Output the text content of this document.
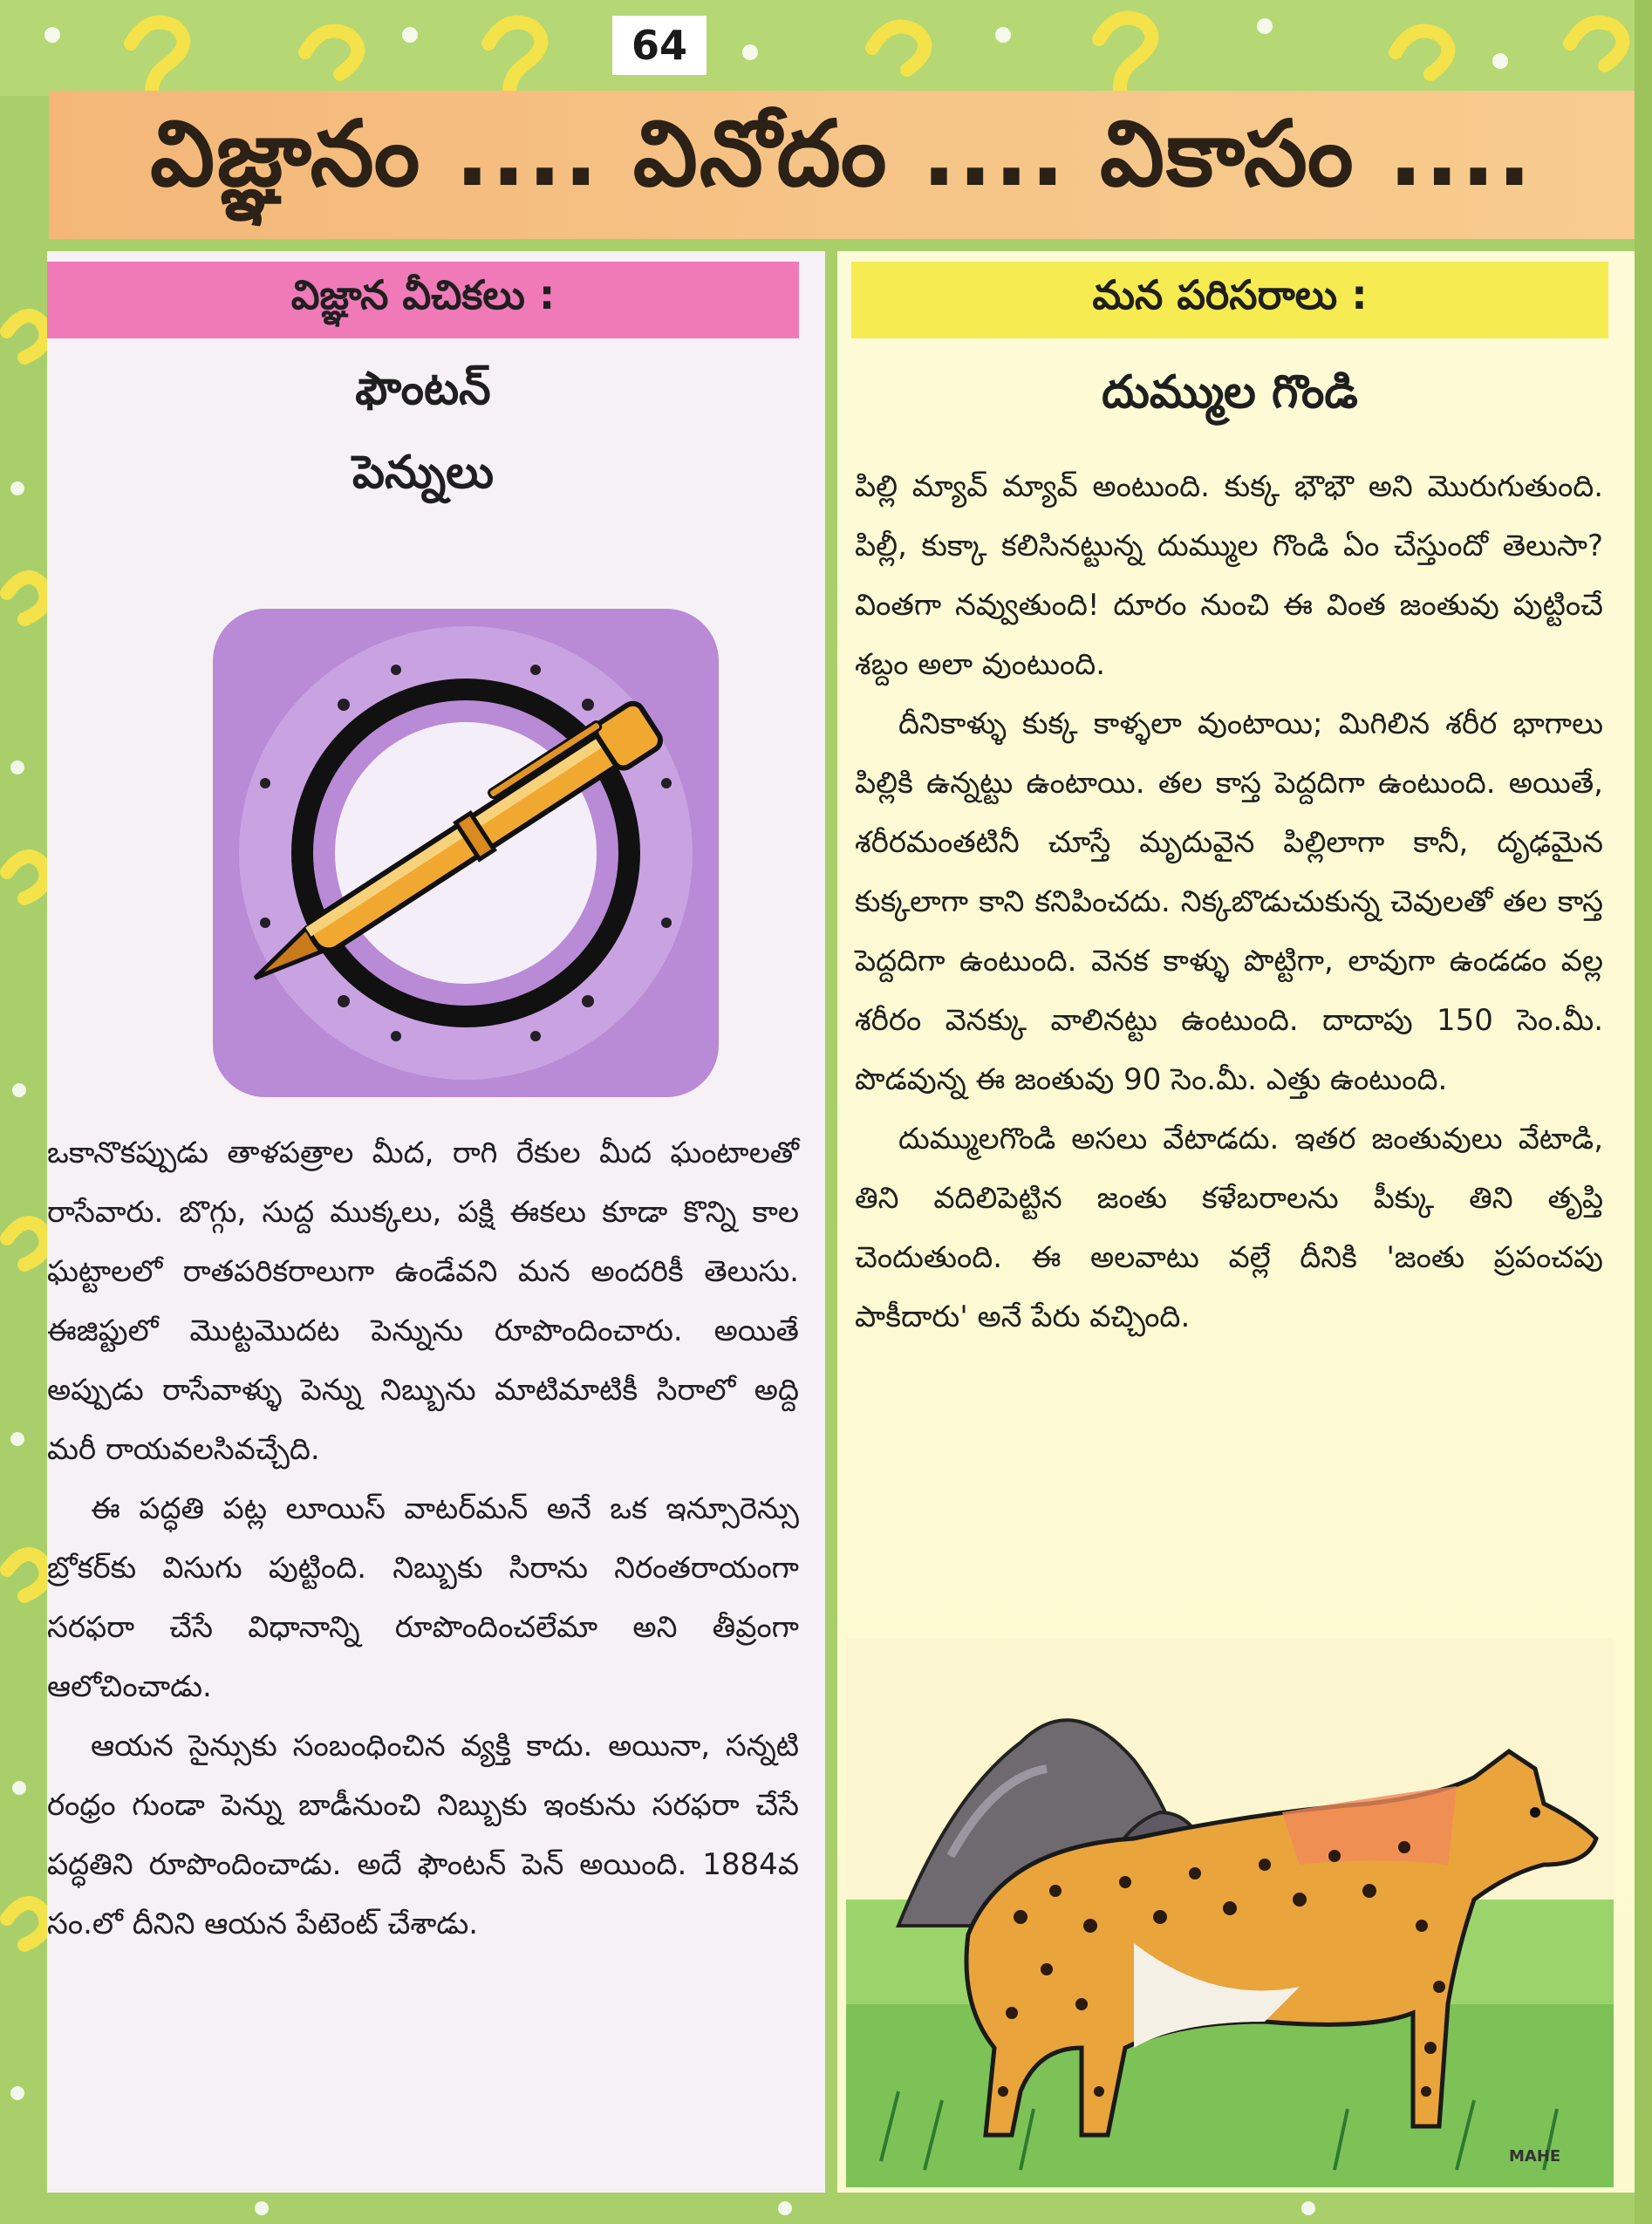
64
విజ్ఞానం .... వినోదం .... వికాసం ....
విజ్ఞాన వీచికలు :
ఫౌంటన్
పెన్నులు

ఒకానొకప్పుడు తాళపత్రాల మీద, రాగి రేకుల మీద ఘంటాలతో రాసేవారు. బొగ్గు, సుద్ద ముక్కలు, పక్షి ఈకలు కూడా కొన్ని కాల ఘట్టాలలో రాతపరికరాలుగా ఉండేవని మన అందరికీ తెలుసు. ఈజిప్టులో మొట్టమొదట పెన్నును రూపొందించారు. అయితే అప్పుడు రాసేవాళ్ళు పెన్ను నిబ్బును మాటిమాటికీ సిరాలో అద్ది మరీ రాయవలసివచ్చేది.

ఈ పద్ధతి పట్ల లూయిస్ వాటర్‌మన్ అనే ఒక ఇన్సూరెన్సు బ్రోకర్‌కు విసుగు పుట్టింది. నిబ్బుకు సిరాను నిరంతరాయంగా సరఫరా చేసే విధానాన్ని రూపొందించలేమా అని తీవ్రంగా ఆలోచించాడు.

ఆయన సైన్సుకు సంబంధించిన వ్యక్తి కాదు. అయినా, సన్నటి రంధ్రం గుండా పెన్ను బాడీనుంచి నిబ్బుకు ఇంకును సరఫరా చేసే పద్ధతిని రూపొందించాడు. అదే ఫౌంటన్ పెన్ అయింది. 1884వ సం.లో దీనిని ఆయన పేటెంట్ చేశాడు.

మన పరిసరాలు :
దుమ్ముల గొండి

పిల్లి మ్యావ్ మ్యావ్ అంటుంది. కుక్క భౌభౌ అని మొరుగుతుంది. పిల్లీ, కుక్కా కలిసినట్టున్న దుమ్ముల గొండి ఏం చేస్తుందో తెలుసా? వింతగా నవ్వుతుంది! దూరం నుంచి ఈ వింత జంతువు పుట్టించే శబ్దం అలా వుంటుంది.

దీనికాళ్ళు కుక్క కాళ్ళలా వుంటాయి; మిగిలిన శరీర భాగాలు పిల్లికి ఉన్నట్టు ఉంటాయి. తల కాస్త పెద్దదిగా ఉంటుంది. అయితే, శరీరమంతటినీ చూస్తే మృదువైన పిల్లిలాగా కానీ, దృఢమైన కుక్కలాగా కాని కనిపించదు. నిక్కబొడుచుకున్న చెవులతో తల కాస్త పెద్దదిగా ఉంటుంది. వెనక కాళ్ళు పొట్టిగా, లావుగా ఉండడం వల్ల శరీరం వెనక్కు వాలినట్టు ఉంటుంది. దాదాపు 150 సెం.మీ. పొడవున్న ఈ జంతువు 90 సెం.మీ. ఎత్తు ఉంటుంది.

దుమ్ములగొండి అసలు వేటాడదు. ఇతర జంతువులు వేటాడి, తిని వదిలిపెట్టిన జంతు కళేబరాలను పీక్కు తిని తృప్తి చెందుతుంది. ఈ అలవాటు వల్లే దీనికి 'జంతు ప్రపంచపు పాకీదారు' అనే పేరు వచ్చింది.

MAHE
